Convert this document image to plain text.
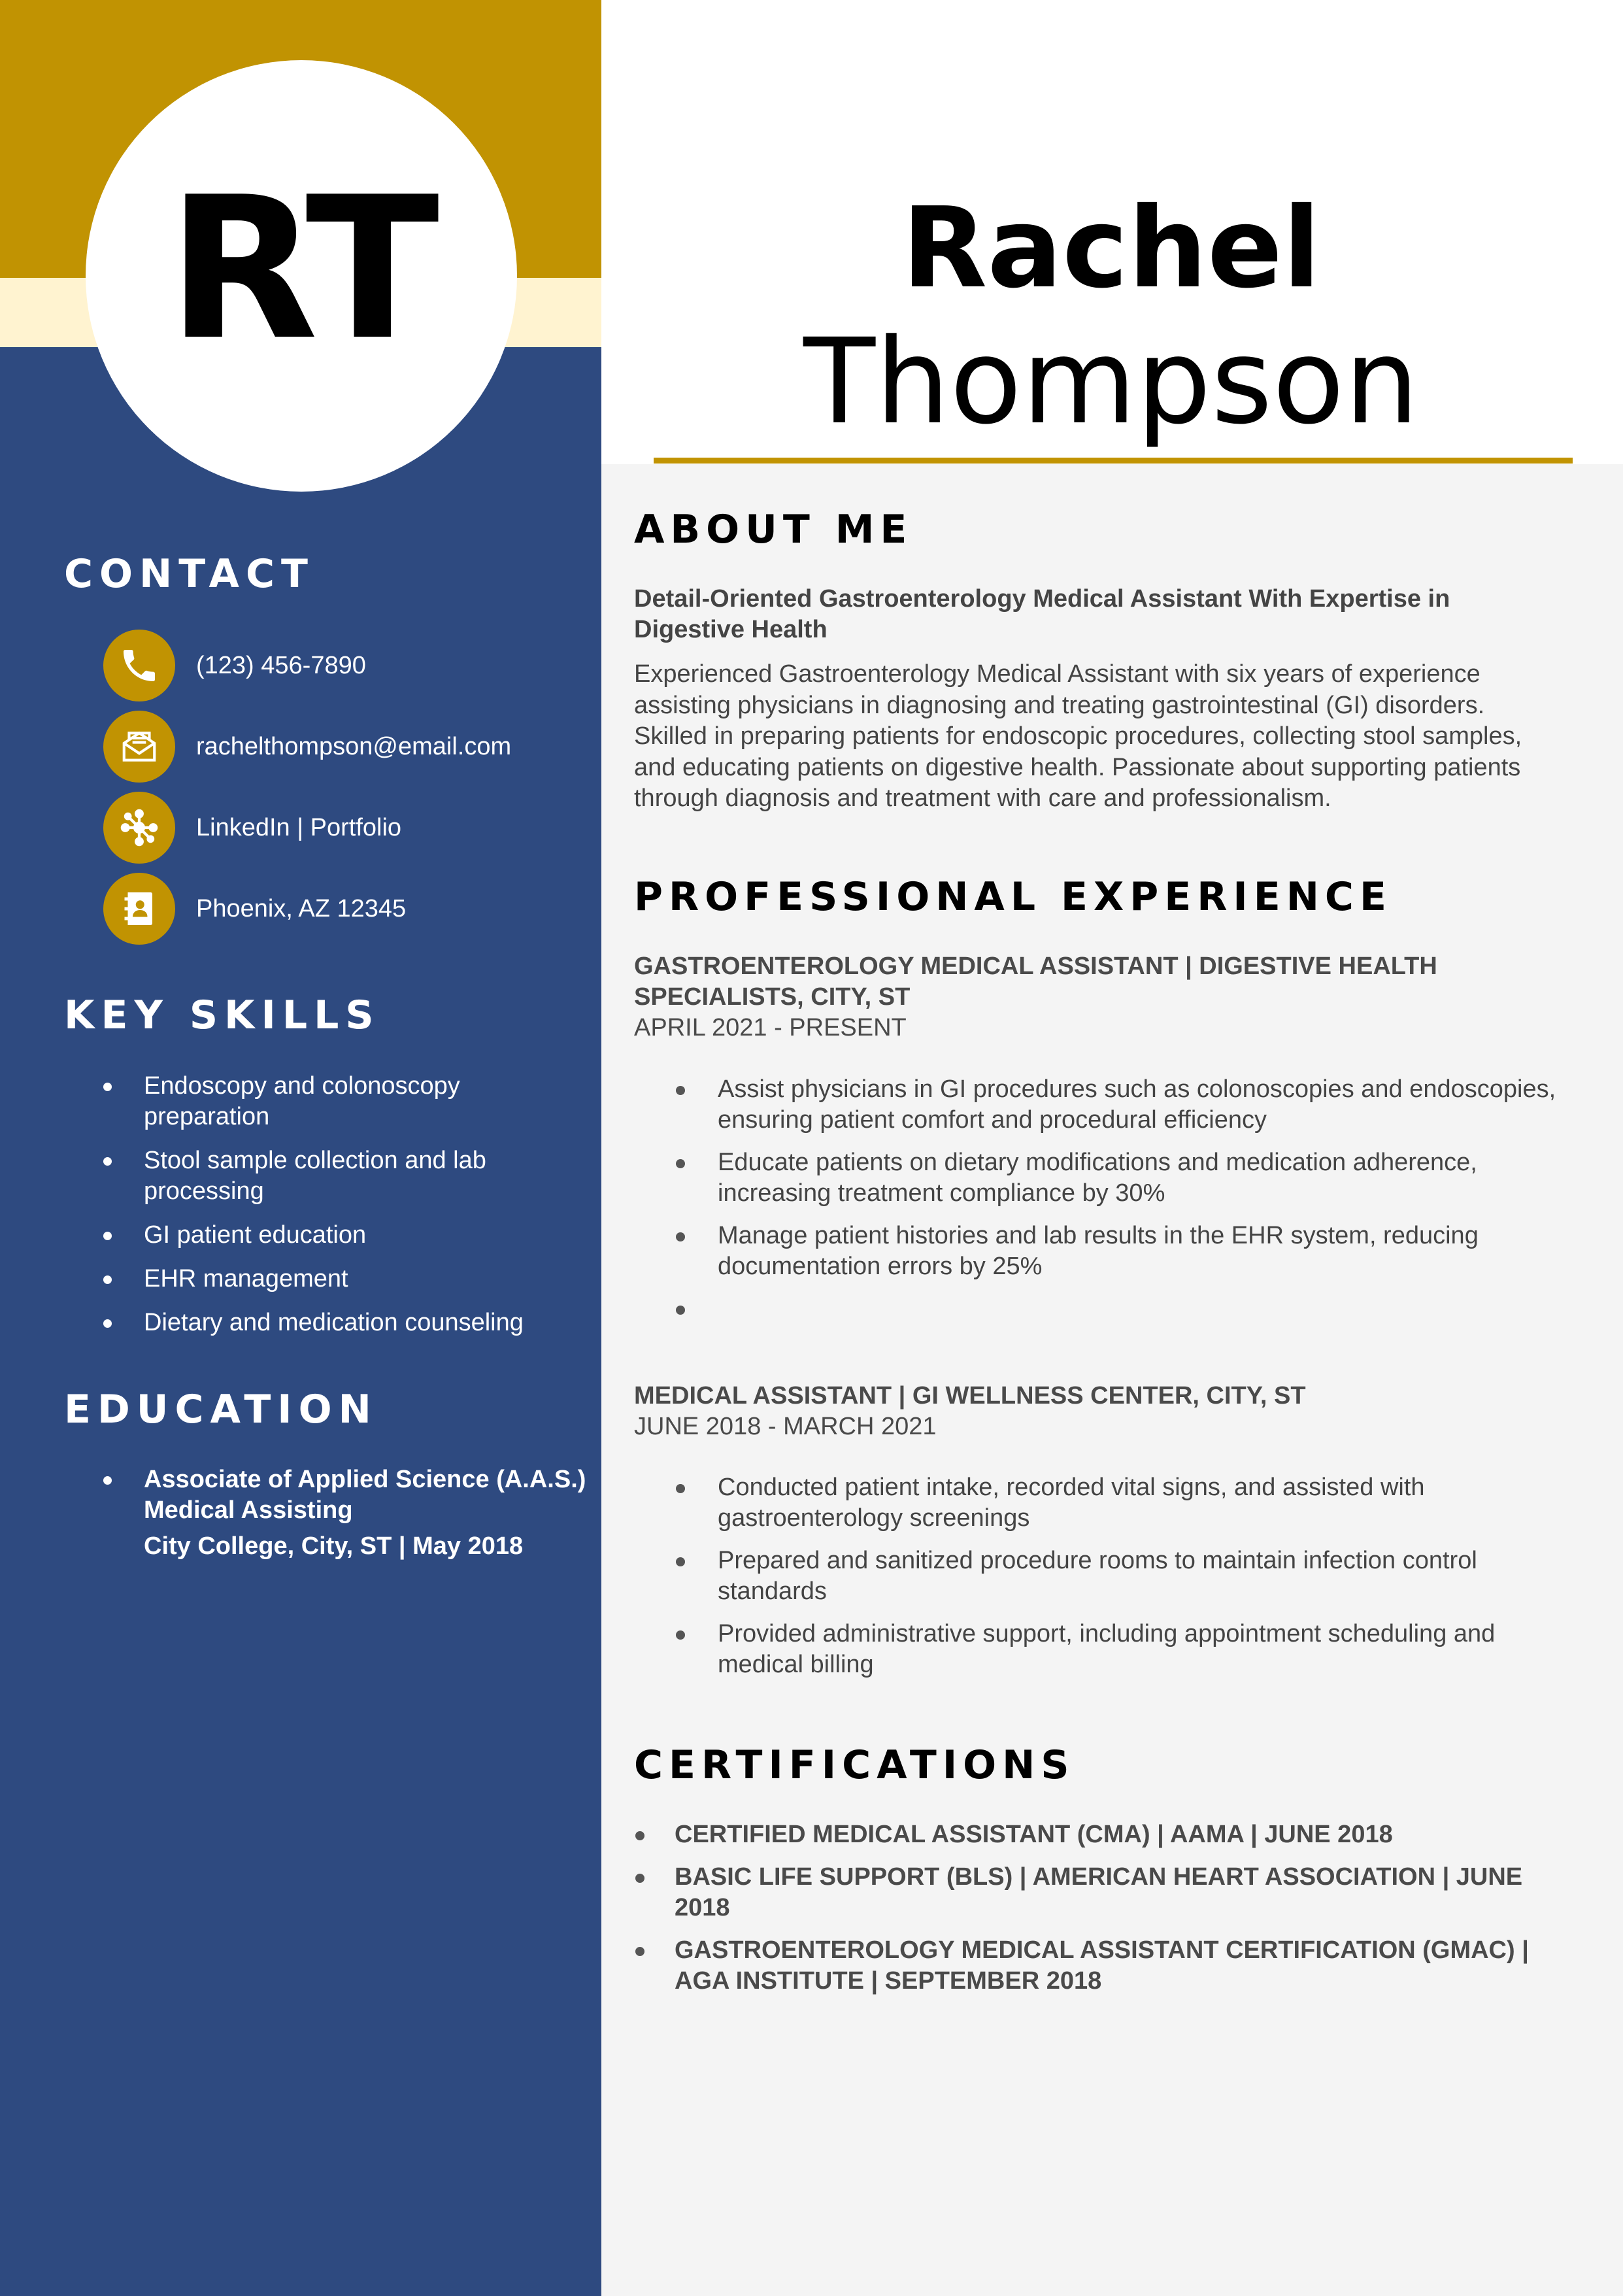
RT
CONTACT
(123) 456-7890
rachelthompson@email.com
LinkedIn | Portfolio
Phoenix, AZ 12345
KEY SKILLS
Endoscopy and colonoscopy preparation
Stool sample collection and lab processing
GI patient education
EHR management
Dietary and medication counseling
EDUCATION
Associate of Applied Science (A.A.S.) Medical Assisting
City College, City, ST | May 2018
Rachel
Thompson
ABOUT ME
Detail-Oriented Gastroenterology Medical Assistant With Expertise in Digestive Health
Experienced Gastroenterology Medical Assistant with six years of experience assisting physicians in diagnosing and treating gastrointestinal (GI) disorders. Skilled in preparing patients for endoscopic procedures, collecting stool samples, and educating patients on digestive health. Passionate about supporting patients through diagnosis and treatment with care and professionalism.
PROFESSIONAL EXPERIENCE
GASTROENTEROLOGY MEDICAL ASSISTANT | DIGESTIVE HEALTH SPECIALISTS, CITY, ST
APRIL 2021 - PRESENT
Assist physicians in GI procedures such as colonoscopies and endoscopies, ensuring patient comfort and procedural efficiency
Educate patients on dietary modifications and medication adherence, increasing treatment compliance by 30%
Manage patient histories and lab results in the EHR system, reducing documentation errors by 25%
MEDICAL ASSISTANT | GI WELLNESS CENTER, CITY, ST
JUNE 2018 - MARCH 2021
Conducted patient intake, recorded vital signs, and assisted with gastroenterology screenings
Prepared and sanitized procedure rooms to maintain infection control standards
Provided administrative support, including appointment scheduling and medical billing
CERTIFICATIONS
CERTIFIED MEDICAL ASSISTANT (CMA) | AAMA | JUNE 2018
BASIC LIFE SUPPORT (BLS) | AMERICAN HEART ASSOCIATION | JUNE 2018
GASTROENTEROLOGY MEDICAL ASSISTANT CERTIFICATION (GMAC) | AGA INSTITUTE | SEPTEMBER 2018
